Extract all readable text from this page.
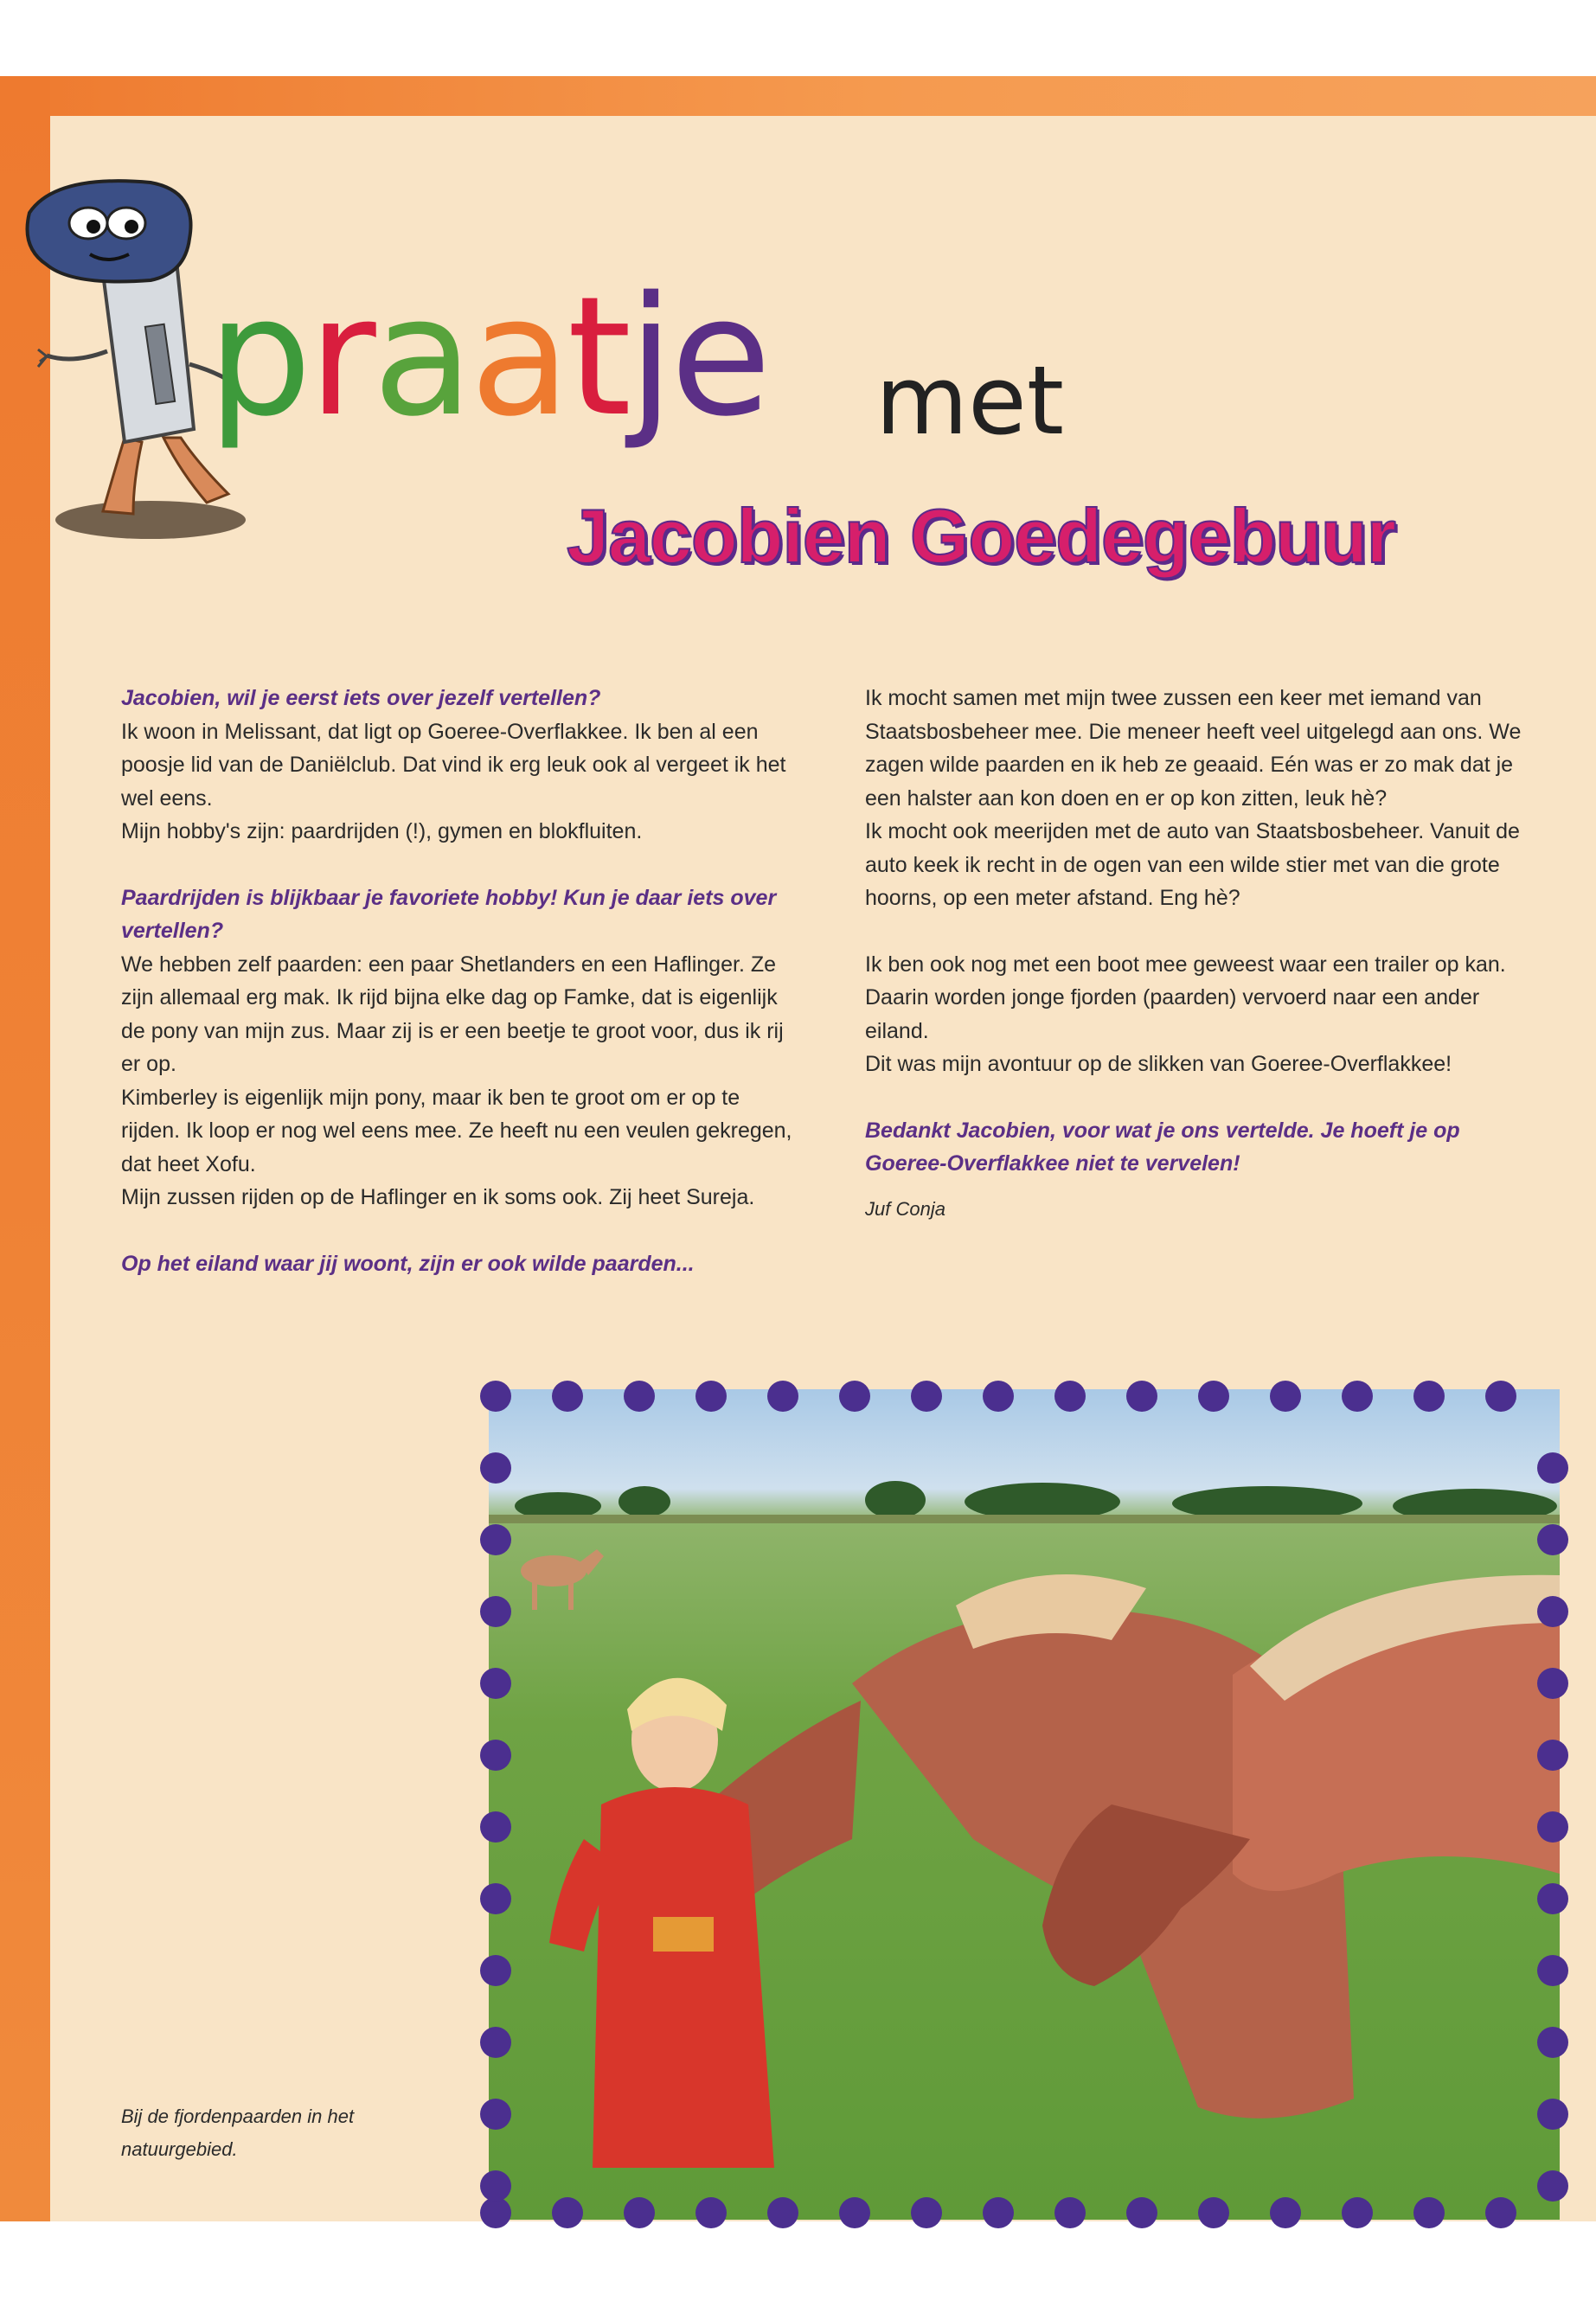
praatje met
Jacobien Goedegebuur

Jacobien, wil je eerst iets over jezelf vertellen?

Ik woon in Melissant, dat ligt op Goeree-Overflakkee. Ik ben al een poosje lid van de Daniëlclub. Dat vind ik erg leuk ook al vergeet ik het wel eens.

Mijn hobby's zijn: paardrijden (!), gymen en blokfluiten.

Paardrijden is blijkbaar je favoriete hobby! Kun je daar iets over vertellen?

We hebben zelf paarden: een paar Shetlanders en een Haflinger. Ze zijn allemaal erg mak. Ik rijd bijna elke dag op Famke, dat is eigenlijk de pony van mijn zus. Maar zij is er een beetje te groot voor, dus ik rij er op.

Kimberley is eigenlijk mijn pony, maar ik ben te groot om er op te rijden. Ik loop er nog wel eens mee. Ze heeft nu een veulen gekregen, dat heet Xofu.

Mijn zussen rijden op de Haflinger en ik soms ook. Zij heet Sureja.

Op het eiland waar jij woont, zijn er ook wilde paarden...

Ik mocht samen met mijn twee zussen een keer met iemand van Staatsbosbeheer mee. Die meneer heeft veel uitgelegd aan ons. We zagen wilde paarden en ik heb ze geaaid. Eén was er zo mak dat je een halster aan kon doen en er op kon zitten, leuk hè?

Ik mocht ook meerijden met de auto van Staatsbosbeheer. Vanuit de auto keek ik recht in de ogen van een wilde stier met van die grote hoorns, op een meter afstand. Eng hè?

Ik ben ook nog met een boot mee geweest waar een trailer op kan. Daarin worden jonge fjorden (paarden) vervoerd naar een ander eiland.

Dit was mijn avontuur op de slikken van Goeree-Overflakkee!

Bedankt Jacobien, voor wat je ons vertelde. Je hoeft je op Goeree-Overflakkee niet te vervelen!

Juf Conja

Bij de fjordenpaarden in het natuurgebied.
